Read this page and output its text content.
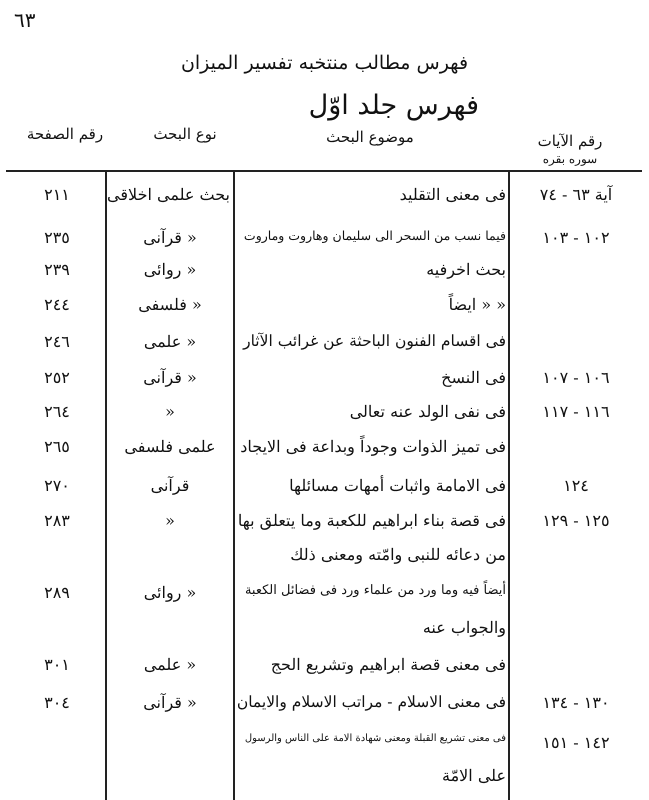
٦٣
فهرس مطالب منتخبه تفسير الميزان
فهرس جلد اوّل
رقم الآيات
سوره بقره
موضوع البحث
نوع البحث
رقم الصفحة
آية ٦٣ - ٧٤
فى معنى التقليد
بحث علمى اخلاقى
٢١١
١٠٢ - ١٠٣
فيما نسب من السحر الى سليمان وهاروت وماروت
« قرآنى
٢٣٥
بحث اخرفيه
« روائى
٢٣٩
« « ايضاً
« فلسفى
٢٤٤
فى اقسام الفنون الباحثة عن غرائب الآثار
« علمى
٢٤٦
١٠٦ - ١٠٧
فى النسخ
« قرآنى
٢٥٢
١١٦ - ١١٧
فى نفى الولد عنه تعالى
«
٢٦٤
فى تميز الذوات وجوداً وبداعة فى الايجاد
علمى فلسفى
٢٦٥
١٢٤
فى الامامة واثبات أمهات مسائلها
قرآنى
٢٧٠
١٢٥ - ١٢٩
فى قصة بناء ابراهيم للكعبة وما يتعلق بها
«
٢٨٣
من دعائه للنبى وامّته ومعنى ذلك
أيضاً فيه وما ورد من علماء ورد فى فضائل الكعبة
« روائى
٢٨٩
والجواب عنه
فى معنى قصة ابراهيم وتشريع الحج
« علمى
٣٠١
١٣٠ - ١٣٤
فى معنى الاسلام - مراتب الاسلام والايمان
« قرآنى
٣٠٤
١٤٢ - ١٥١
فى معنى تشريع القبلة ومعنى شهادة الامة على الناس والرسول
على الامّة
